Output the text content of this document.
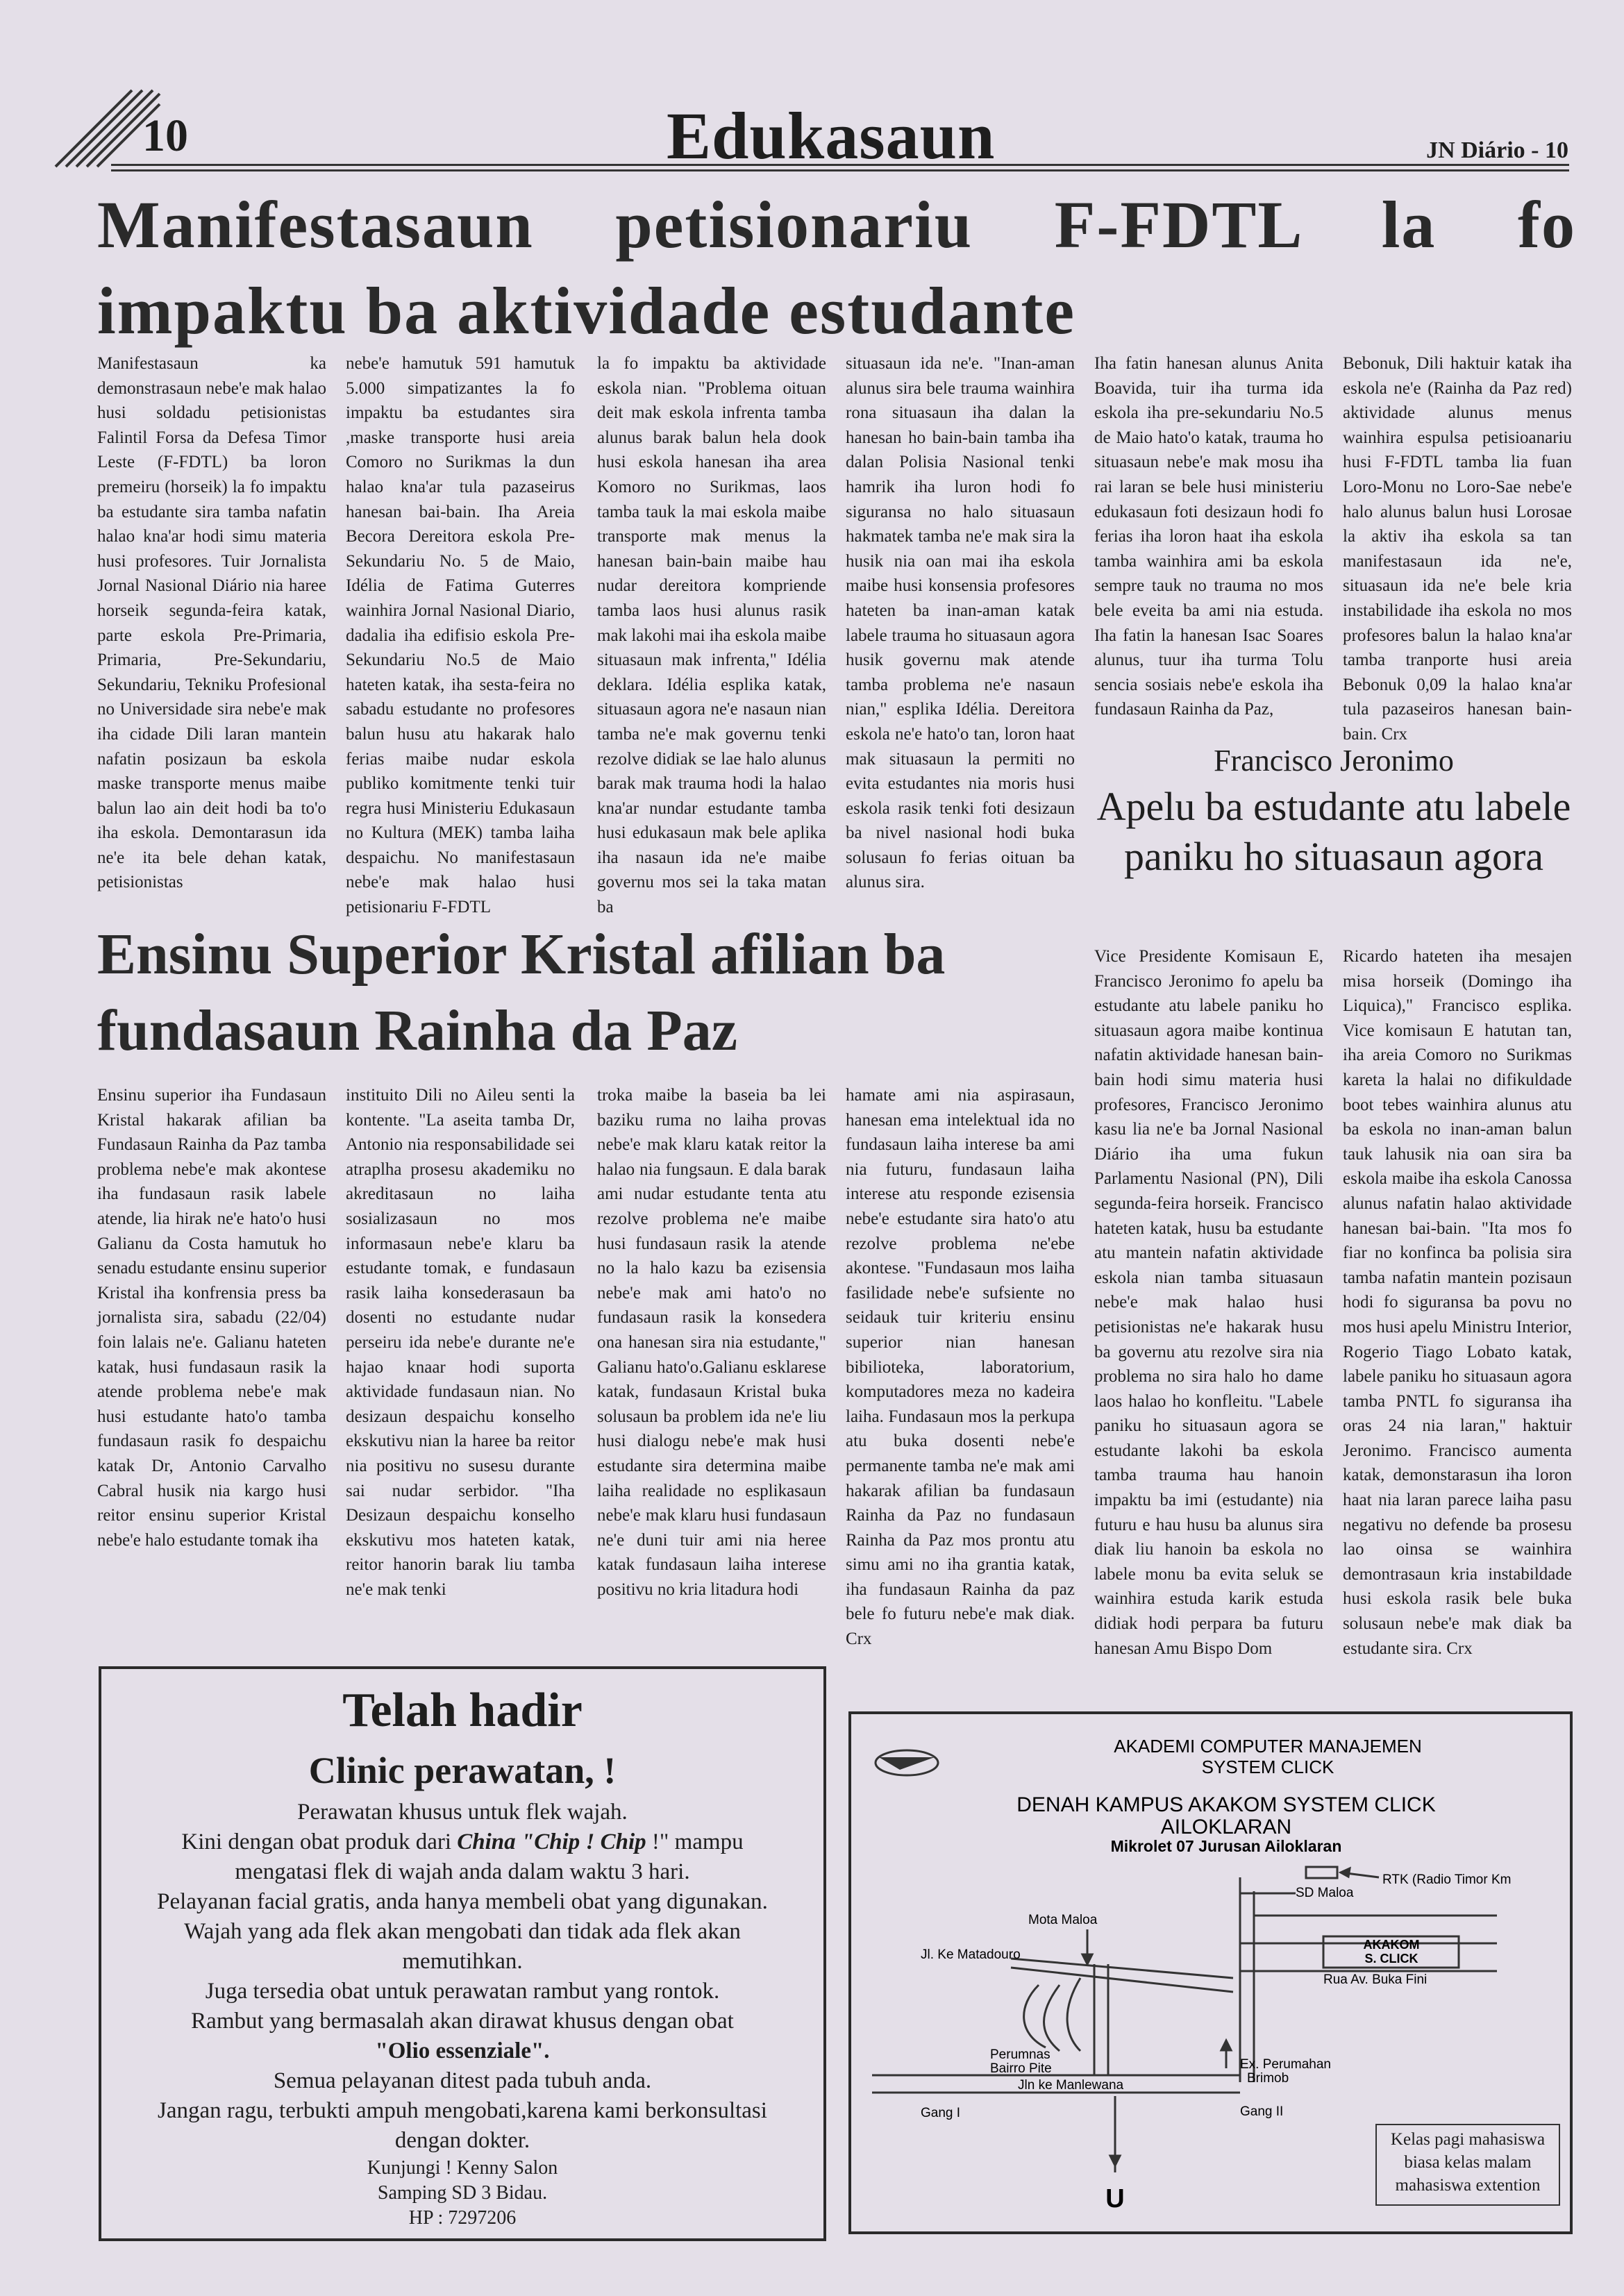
10	Edukasaun	JN Diário - 10
Manifestasaun petisionariu F-FDTL la fo impaktu ba aktividade estudante
Manifestasaun ka demonstrasaun nebe'e mak halao husi soldadu petisionistas Falintil Forsa da Defesa Timor Leste (F-FDTL) ba loron premeiru (horseik) la fo impaktu ba estudante sira tamba nafatin halao kna'ar hodi simu materia husi profesores. Tuir Jornalista Jornal Nasional Diário nia haree horseik segunda-feira katak, parte eskola Pre-Primaria, Primaria, Pre-Sekundariu, Sekundariu, Tekniku Profesional no Universidade sira nebe'e mak iha cidade Dili laran mantein nafatin posizaun ba eskola maske transporte menus maibe balun lao ain deit hodi ba to'o iha eskola. Demontarasun ida ne'e ita bele dehan katak, petisionistas
nebe'e hamutuk 591 hamutuk 5.000 simpatizantes la fo impaktu ba estudantes sira ,maske transporte husi areia Comoro no Surikmas la dun halao kna'ar tula pazaseirus hanesan bai-bain. Iha Areia Becora Dereitora eskola Pre-Sekundariu No. 5 de Maio, Idélia de Fatima Guterres wainhira Jornal Nasional Diario, dadalia iha edifisio eskola Pre-Sekundariu No.5 de Maio hateten katak, iha sesta-feira no sabadu estudante no profesores balun husu atu hakarak halo ferias maibe nudar eskola publiko komitmente tenki tuir regra husi Ministeriu Edukasaun no Kultura (MEK) tamba laiha despaichu. No manifestasaun nebe'e mak halao husi petisionariu F-FDTL
la fo impaktu ba aktividade eskola nian. "Problema oituan deit mak eskola infrenta tamba alunus barak balun hela dook husi eskola hanesan iha area Komoro no Surikmas, laos tamba tauk la mai eskola maibe transporte mak menus la hanesan bain-bain maibe hau nudar dereitora kompriende tamba laos husi alunus rasik mak lakohi mai iha eskola maibe situasaun mak infrenta," Idélia deklara. Idélia esplika katak, situasaun agora ne'e nasaun nian tamba ne'e mak governu tenki rezolve didiak se lae halo alunus barak mak trauma hodi la halao kna'ar nundar estudante tamba husi edukasaun mak bele aplika iha nasaun ida ne'e maibe governu mos sei la taka matan ba
situasaun ida ne'e. "Inan-aman alunus sira bele trauma wainhira rona situasaun iha dalan la hanesan ho bain-bain tamba iha dalan Polisia Nasional tenki hamrik iha luron hodi fo siguransa no halo situasaun hakmatek tamba ne'e mak sira la husik nia oan mai iha eskola maibe husi konsensia profesores hateten ba inan-aman katak labele trauma ho situasaun agora husik governu mak atende tamba problema ne'e nasaun nian," esplika Idélia. Dereitora eskola ne'e hato'o tan, loron haat mak situasaun la permiti no evita estudantes nia moris husi eskola rasik tenki foti desizaun ba nivel nasional hodi buka solusaun fo ferias oituan ba alunus sira.
Iha fatin hanesan alunus Anita Boavida, tuir iha turma ida eskola iha pre-sekundariu No.5 de Maio hato'o katak, trauma ho situasaun nebe'e mak mosu iha rai laran se bele husi ministeriu edukasaun foti desizaun hodi fo ferias iha loron haat iha eskola tamba wainhira ami ba eskola sempre tauk no trauma no mos bele eveita ba ami nia estuda. Iha fatin la hanesan Isac Soares alunus, tuur iha turma Tolu sencia sosiais nebe'e eskola iha fundasaun Rainha da Paz,
Bebonuk, Dili haktuir katak iha eskola ne'e (Rainha da Paz red) aktividade alunus menus wainhira espulsa petisioanariu husi F-FDTL tamba lia fuan Loro-Monu no Loro-Sae nebe'e halo alunus balun husi Lorosae la aktiv iha eskola sa tan manifestasaun ida ne'e, situasaun ida ne'e bele kria instabilidade iha eskola no mos profesores balun la halao kna'ar tamba tranporte husi areia Bebonuk 0,09 la halao kna'ar tula pazaseiros hanesan bain-bain. Crx
Francisco Jeronimo
Apelu ba estudante atu labele paniku ho situasaun agora
Vice Presidente Komisaun E, Francisco Jeronimo fo apelu ba estudante atu labele paniku ho situasaun agora maibe kontinua nafatin aktividade hanesan bain-bain hodi simu materia husi profesores, Francisco Jeronimo kasu lia ne'e ba Jornal Nasional Diário iha uma fukun Parlamentu Nasional (PN), Dili segunda-feira horseik. Francisco hateten katak, husu ba estudante atu mantein nafatin aktividade eskola nian tamba situasaun nebe'e mak halao husi petisionistas ne'e hakarak husu ba governu atu rezolve sira nia problema no sira halo ho dame laos halao ho konfleitu. "Labele paniku ho situasaun agora se estudante lakohi ba eskola tamba trauma hau hanoin impaktu ba imi (estudante) nia futuru e hau husu ba alunus sira diak liu hanoin ba eskola no labele monu ba evita seluk se wainhira estuda karik estuda didiak hodi perpara ba futuru hanesan Amu Bispo Dom
Ricardo hateten iha mesajen misa horseik (Domingo iha Liquica)," Francisco esplika. Vice komisaun E hatutan tan, iha areia Comoro no Surikmas kareta la halai no difikuldade boot tebes wainhira alunus atu ba eskola no inan-aman balun tauk lahusik nia oan sira ba eskola maibe iha eskola Canossa alunus nafatin halao aktividade hanesan bai-bain. "Ita mos fo fiar no konfinca ba polisia sira tamba nafatin mantein pozisaun hodi fo siguransa ba povu no mos husi apelu Ministru Interior, Rogerio Tiago Lobato katak, labele paniku ho situasaun agora tamba PNTL fo siguransa iha oras 24 nia laran," haktuir Jeronimo. Francisco aumenta katak, demonstarasun iha loron haat nia laran parece laiha pasu negativu no defende ba prosesu lao oinsa se wainhira demontrasaun kria instabildade husi eskola rasik bele buka solusaun nebe'e mak diak ba estudante sira. Crx
Ensinu Superior Kristal afilian ba fundasaun Rainha da Paz
Ensinu superior iha Fundasaun Kristal hakarak afilian ba Fundasaun Rainha da Paz tamba problema nebe'e mak akontese iha fundasaun rasik labele atende, lia hirak ne'e hato'o husi Galianu da Costa hamutuk ho senadu estudante ensinu superior Kristal iha konfrensia press ba jornalista sira, sabadu (22/04) foin lalais ne'e. Galianu hateten katak, husi fundasaun rasik la atende problema nebe'e mak husi estudante hato'o tamba fundasaun rasik fo despaichu katak Dr, Antonio Carvalho Cabral husik nia kargo husi reitor ensinu superior Kristal nebe'e halo estudante tomak iha
instituito Dili no Aileu senti la kontente. "La aseita tamba Dr, Antonio nia responsabilidade sei atraplha prosesu akademiku no akreditasaun no laiha sosializasaun no mos informasaun nebe'e klaru ba estudante tomak, e fundasaun rasik laiha konsederasaun ba dosenti no estudante nudar perseiru ida nebe'e durante ne'e hajao knaar hodi suporta aktividade fundasaun nian. No desizaun despaichu konselho ekskutivu nian la haree ba reitor nia positivu no susesu durante sai nudar serbidor. "Iha Desizaun despaichu konselho ekskutivu mos hateten katak, reitor hanorin barak liu tamba ne'e mak tenki
troka maibe la baseia ba lei baziku ruma no laiha provas nebe'e mak klaru katak reitor la halao nia fungsaun. E dala barak ami nudar estudante tenta atu rezolve problema ne'e maibe husi fundasaun rasik la atende no la halo kazu ba ezisensia nebe'e mak ami hato'o no fundasaun rasik la konsedera ona hanesan sira nia estudante," Galianu hato'o.Galianu esklarese katak, fundasaun Kristal buka solusaun ba problem ida ne'e liu husi dialogu nebe'e mak husi estudante sira determina maibe laiha realidade no esplikasaun nebe'e mak klaru husi fundasaun ne'e duni tuir ami nia heree katak fundasaun laiha interese positivu no kria litadura hodi
hamate ami nia aspirasaun, hanesan ema intelektual ida no fundasaun laiha interese ba ami nia futuru, fundasaun laiha interese atu responde ezisensia nebe'e estudante sira hato'o atu rezolve problema ne'ebe akontese. "Fundasaun mos laiha fasilidade nebe'e sufsiente no seidauk tuir kriteriu ensinu superior nian hanesan bibilioteka, laboratorium, komputadores meza no kadeira laiha. Fundasaun mos la perkupa atu buka dosenti nebe'e permanente tamba ne'e mak ami hakarak afilian ba fundasaun Rainha da Paz no fundasaun Rainha da Paz mos prontu atu simu ami no iha grantia katak, iha fundasaun Rainha da paz bele fo futuru nebe'e mak diak. Crx
Telah hadir
Clinic perawatan, !
Perawatan khusus untuk flek wajah.
Kini dengan obat produk dari China "Chip ! Chip !" mampu
mengatasi flek di wajah anda dalam waktu 3 hari.
Pelayanan facial gratis, anda hanya membeli obat yang digunakan.
Wajah yang ada flek akan mengobati dan tidak ada flek akan
memutihkan.
Juga tersedia obat untuk perawatan rambut yang rontok.
Rambut yang bermasalah akan dirawat khusus dengan obat
"Olio essenziale".
Semua pelayanan ditest pada tubuh anda.
Jangan ragu, terbukti ampuh mengobati,karena kami berkonsultasi
dengan dokter.
Kunjungi ! Kenny Salon
Samping SD 3 Bidau.
HP : 7297206
AKADEMI COMPUTER MANAJEMEN
SYSTEM CLICK
DENAH KAMPUS AKAKOM SYSTEM CLICK
AILOKLARAN
Mikrolet 07 Jurusan Ailoklaran
RTK (Radio Timor Km
SD Maloa
Mota Maloa
Jl. Ke Matadouro
AKAKOM
S. CLICK
Rua Av. Buka Fini
Perumnas
Bairro Pite	Ex. Perumahan
Brimob
Jln ke Manlewana
Gang I	Gang II
U
Kelas pagi mahasiswa
biasa kelas malam
mahasiswa extention
